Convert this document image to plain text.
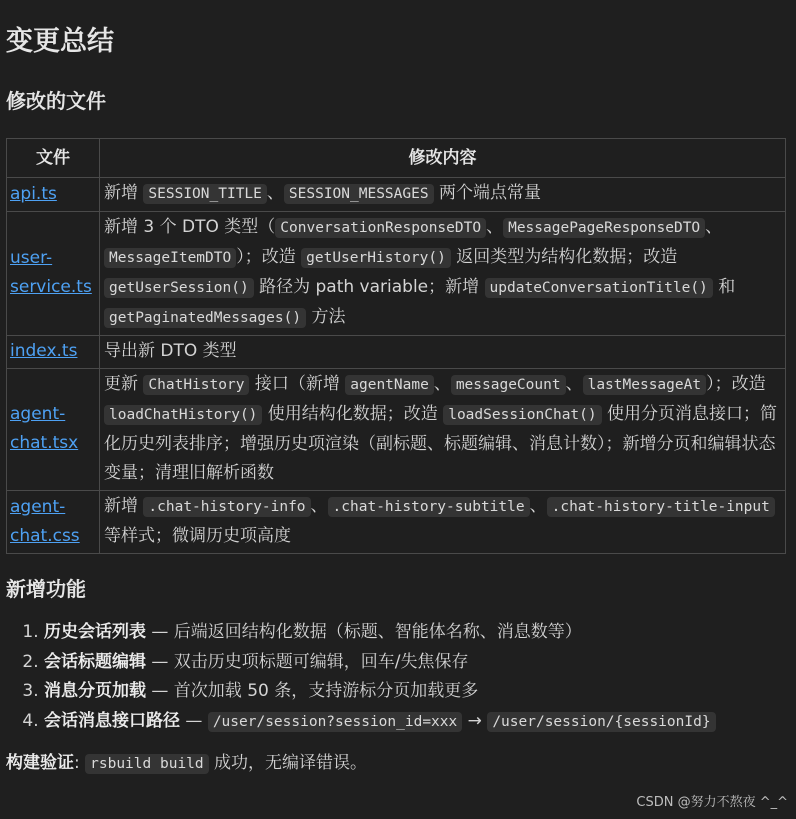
变更总结
修改的文件
文件	修改内容
api.ts	新增 SESSION_TITLE 、 SESSION_MESSAGES 两个端点常量
user-service.ts	新增 3 个 DTO 类型（ ConversationResponseDTO 、 MessagePageResponseDTO 、MessageItemDTO ）；改造 getUserHistory() 返回类型为结构化数据；改造 getUserSession() 路径为 path variable；新增 updateConversationTitle() 和 getPaginatedMessages() 方法
index.ts	导出新 DTO 类型
agent-chat.tsx	更新 ChatHistory 接口（新增 agentName 、 messageCount 、 lastMessageAt ）；改造 loadChatHistory() 使用结构化数据；改造 loadSessionChat() 使用分页消息接口；简化历史列表排序；增强历史项渲染（副标题、标题编辑、消息计数）；新增分页和编辑状态变量；清理旧解析函数
agent-chat.css	新增 .chat-history-info 、 .chat-history-subtitle 、 .chat-history-title-input 等样式；微调历史项高度
新增功能
1. 历史会话列表 — 后端返回结构化数据（标题、智能体名称、消息数等）
2. 会话标题编辑 — 双击历史项标题可编辑，回车/失焦保存
3. 消息分页加载 — 首次加载 50 条，支持游标分页加载更多
4. 会话消息接口路径 — /user/session?session_id=xxx → /user/session/{sessionId}
构建验证: rsbuild build 成功，无编译错误。
CSDN @努力不熬夜 ^_^
